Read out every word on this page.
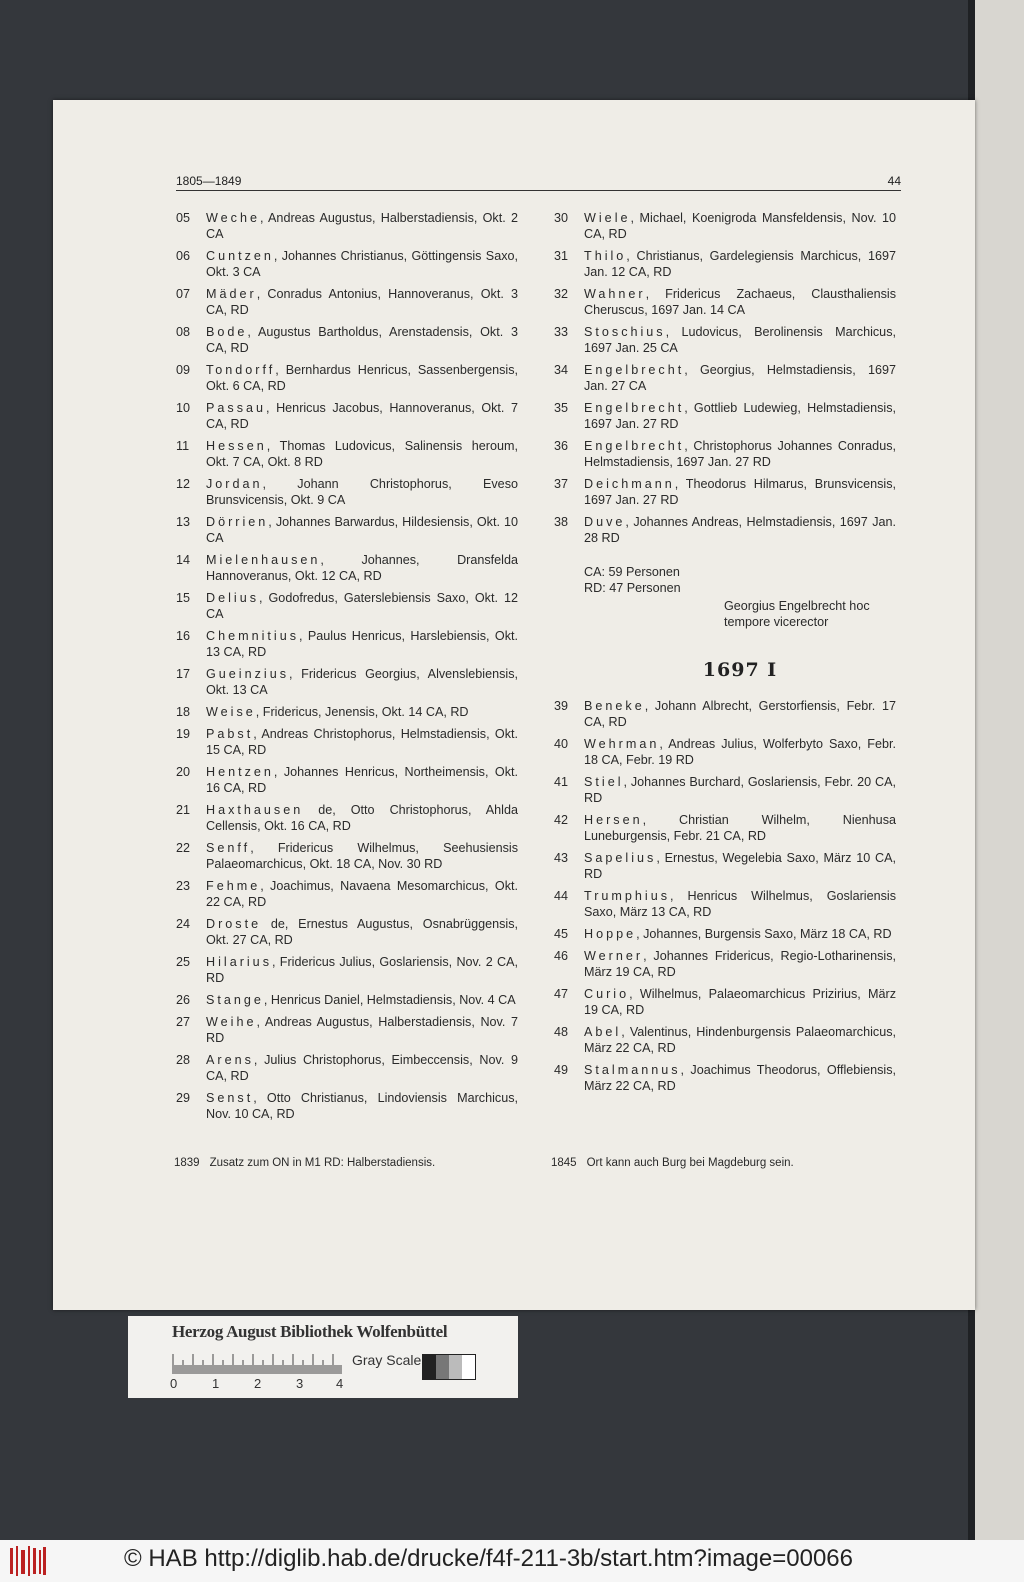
1805—1849	44
05 Weche, Andreas Augustus, Halberstadiensis, Okt. 2 CA
06 Cuntzen, Johannes Christianus, Göttingensis Saxo, Okt. 3 CA
07 Mäder, Conradus Antonius, Hannoveranus, Okt. 3 CA, RD
08 Bode, Augustus Bartholdus, Arenstadensis, Okt. 3 CA, RD
09 Tondorff, Bernhardus Henricus, Sassenbergensis, Okt. 6 CA, RD
10 Passau, Henricus Jacobus, Hannoveranus, Okt. 7 CA, RD
11 Hessen, Thomas Ludovicus, Salinensis heroum, Okt. 7 CA, Okt. 8 RD
12 Jordan, Johann Christophorus, Eveso Brunsvicensis, Okt. 9 CA
13 Dörrien, Johannes Barwardus, Hildesiensis, Okt. 10 CA
14 Mielenhausen, Johannes, Dransfelda Hannoveranus, Okt. 12 CA, RD
15 Delius, Godofredus, Gaterslebiensis Saxo, Okt. 12 CA
16 Chemnitius, Paulus Henricus, Harslebiensis, Okt. 13 CA, RD
17 Gueinzius, Fridericus Georgius, Alvenslebiensis, Okt. 13 CA
18 Weise, Fridericus, Jenensis, Okt. 14 CA, RD
19 Pabst, Andreas Christophorus, Helmstadiensis, Okt. 15 CA, RD
20 Hentzen, Johannes Henricus, Northeimensis, Okt. 16 CA, RD
21 Haxthausen de, Otto Christophorus, Ahlda Cellensis, Okt. 16 CA, RD
22 Senff, Fridericus Wilhelmus, Seehusiensis Palaeomarchicus, Okt. 18 CA, Nov. 30 RD
23 Fehme, Joachimus, Navaena Mesomarchicus, Okt. 22 CA, RD
24 Droste de, Ernestus Augustus, Osnabrüggensis, Okt. 27 CA, RD
25 Hilarius, Fridericus Julius, Goslariensis, Nov. 2 CA, RD
26 Stange, Henricus Daniel, Helmstadiensis, Nov. 4 CA
27 Weihe, Andreas Augustus, Halberstadiensis, Nov. 7 RD
28 Arens, Julius Christophorus, Eimbeccensis, Nov. 9 CA, RD
29 Senst, Otto Christianus, Lindoviensis Marchicus, Nov. 10 CA, RD
30 Wiele, Michael, Koenigroda Mansfeldensis, Nov. 10 CA, RD
31 Thilo, Christianus, Gardelegiensis Marchicus, 1697 Jan. 12 CA, RD
32 Wahner, Fridericus Zachaeus, Clausthaliensis Cheruscus, 1697 Jan. 14 CA
33 Stoschius, Ludovicus, Berolinensis Marchicus, 1697 Jan. 25 CA
34 Engelbrecht, Georgius, Helmstadiensis, 1697 Jan. 27 CA
35 Engelbrecht, Gottlieb Ludewieg, Helmstadiensis, 1697 Jan. 27 RD
36 Engelbrecht, Christophorus Johannes Conradus, Helmstadiensis, 1697 Jan. 27 RD
37 Deichmann, Theodorus Hilmarus, Brunsvicensis, 1697 Jan. 27 RD
38 Duve, Johannes Andreas, Helmstadiensis, 1697 Jan. 28 RD
CA: 59 Personen
RD: 47 Personen
Georgius Engelbrecht hoc
tempore vicerector
1697 I
39 Beneke, Johann Albrecht, Gerstorfiensis, Febr. 17 CA, RD
40 Wehrman, Andreas Julius, Wolferbyto Saxo, Febr. 18 CA, Febr. 19 RD
41 Stiel, Johannes Burchard, Goslariensis, Febr. 20 CA, RD
42 Hersen, Christian Wilhelm, Nienhusa Luneburgensis, Febr. 21 CA, RD
43 Sapelius, Ernestus, Wegelebia Saxo, März 10 CA, RD
44 Trumphius, Henricus Wilhelmus, Goslariensis Saxo, März 13 CA, RD
45 Hoppe, Johannes, Burgensis Saxo, März 18 CA, RD
46 Werner, Johannes Fridericus, Regio-Lotharinensis, März 19 CA, RD
47 Curio, Wilhelmus, Palaeomarchicus Prizirius, März 19 CA, RD
48 Abel, Valentinus, Hindenburgensis Palaeomarchicus, März 22 CA, RD
49 Stalmannus, Joachimus Theodorus, Offlebiensis, März 22 CA, RD
1839 Zusatz zum ON in M1 RD: Halberstadiensis.	1845 Ort kann auch Burg bei Magdeburg sein.
Herzog August Bibliothek Wolfenbüttel
Gray Scale
0	1	2	3	4
© HAB http://diglib.hab.de/drucke/f4f-211-3b/start.htm?image=00066
